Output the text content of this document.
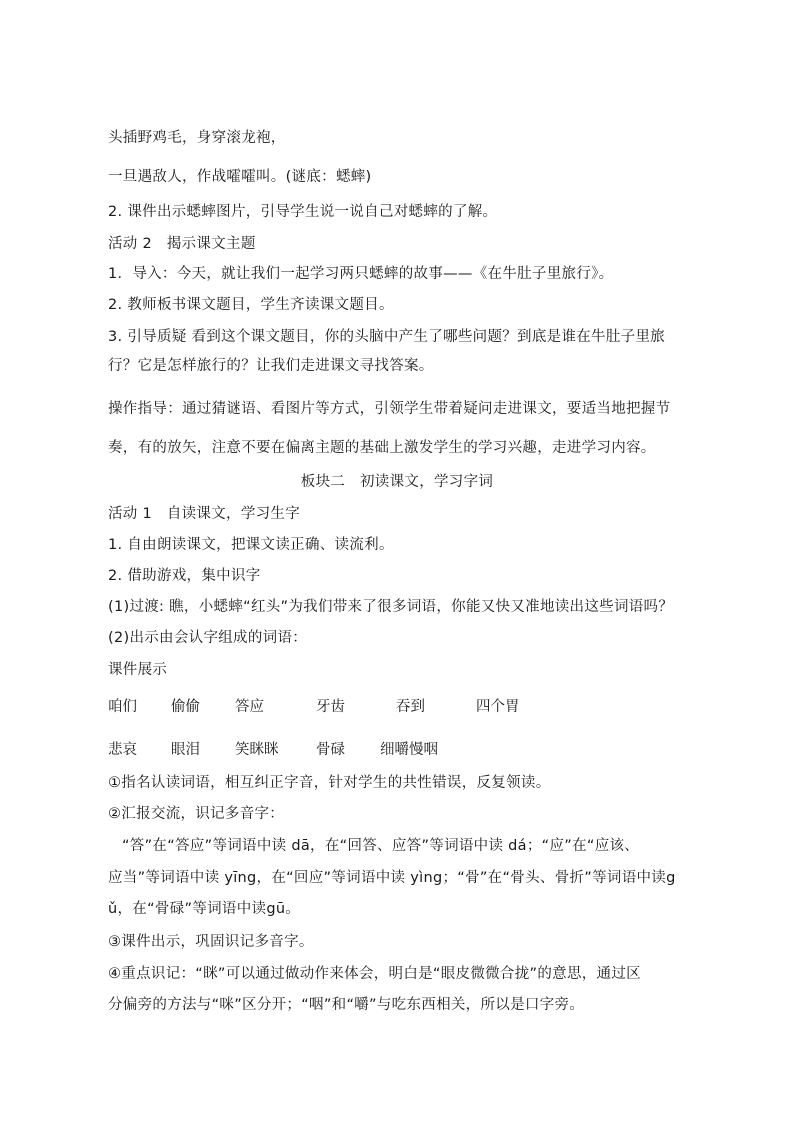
头插野鸡毛，身穿滚龙袍，
一旦遇敌人，作战嚯嚯叫。(谜底：蟋蟀)
2. 课件出示蟋蟀图片，引导学生说一说自己对蟋蟀的了解。
活动 2　揭示课文主题
1．导入：今天，就让我们一起学习两只蟋蟀的故事——《在牛肚子里旅行》。
2. 教师板书课文题目，学生齐读课文题目。
3. 引导质疑 看到这个课文题目，你的头脑中产生了哪些问题？到底是谁在牛肚子里旅
行？它是怎样旅行的？让我们走进课文寻找答案。
操作指导：通过猜谜语、看图片等方式，引领学生带着疑问走进课文，要适当地把握节
奏，有的放矢，注意不要在偏离主题的基础上激发学生的学习兴趣，走进学习内容。
板块二　初读课文，学习字词
活动 1　自读课文，学习生字
1. 自由朗读课文，把课文读正确、读流利。
2. 借助游戏，集中识字
(1)过渡: 瞧，小蟋蟀“红头”为我们带来了很多词语，你能又快又准地读出这些词语吗？
(2)出示由会认字组成的词语：
课件展示
咱们 偷偷 答应	牙齿	吞到	四个胃
悲哀 眼泪 笑眯眯	骨碌 细嚼慢咽
①指名认读词语，相互纠正字音，针对学生的共性错误，反复领读。
②汇报交流，识记多音字：
“答”在“答应”等词语中读 dā，在“回答、应答”等词语中读 dá；“应”在“应该、
应当”等词语中读 yīng，在“回应”等词语中读 yìng；“骨”在“骨头、骨折”等词语中读g
ǔ，在“骨碌”等词语中读gū。
③课件出示，巩固识记多音字。
④重点识记：“眯”可以通过做动作来体会，明白是“眼皮微微合拢”的意思，通过区
分偏旁的方法与“咪”区分开；“咽”和“嚼”与吃东西相关，所以是口字旁。
